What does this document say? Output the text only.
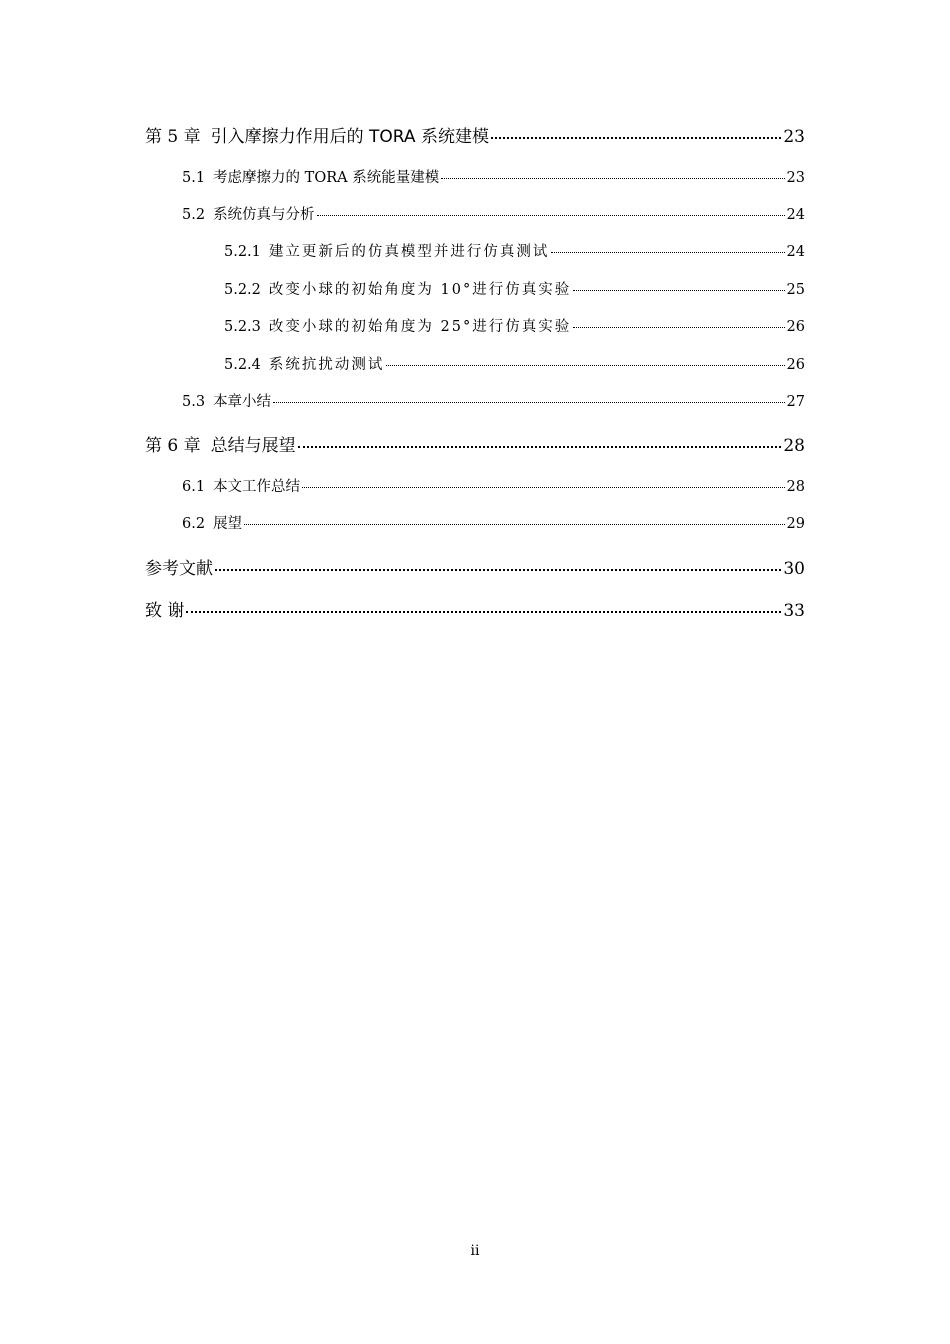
第 5 章 引入摩擦力作用后的 TORA 系统建模	23
5.1 考虑摩擦力的 TORA 系统能量建模	23
5.2 系统仿真与分析	24
5.2.1 建立更新后的仿真模型并进行仿真测试	24
5.2.2 改变小球的初始角度为 10°进行仿真实验	25
5.2.3 改变小球的初始角度为 25°进行仿真实验	26
5.2.4 系统抗扰动测试	26
5.3 本章小结	27
第 6 章 总结与展望	28
6.1 本文工作总结	28
6.2 展望	29
参考文献	30
致 谢	33
ii
